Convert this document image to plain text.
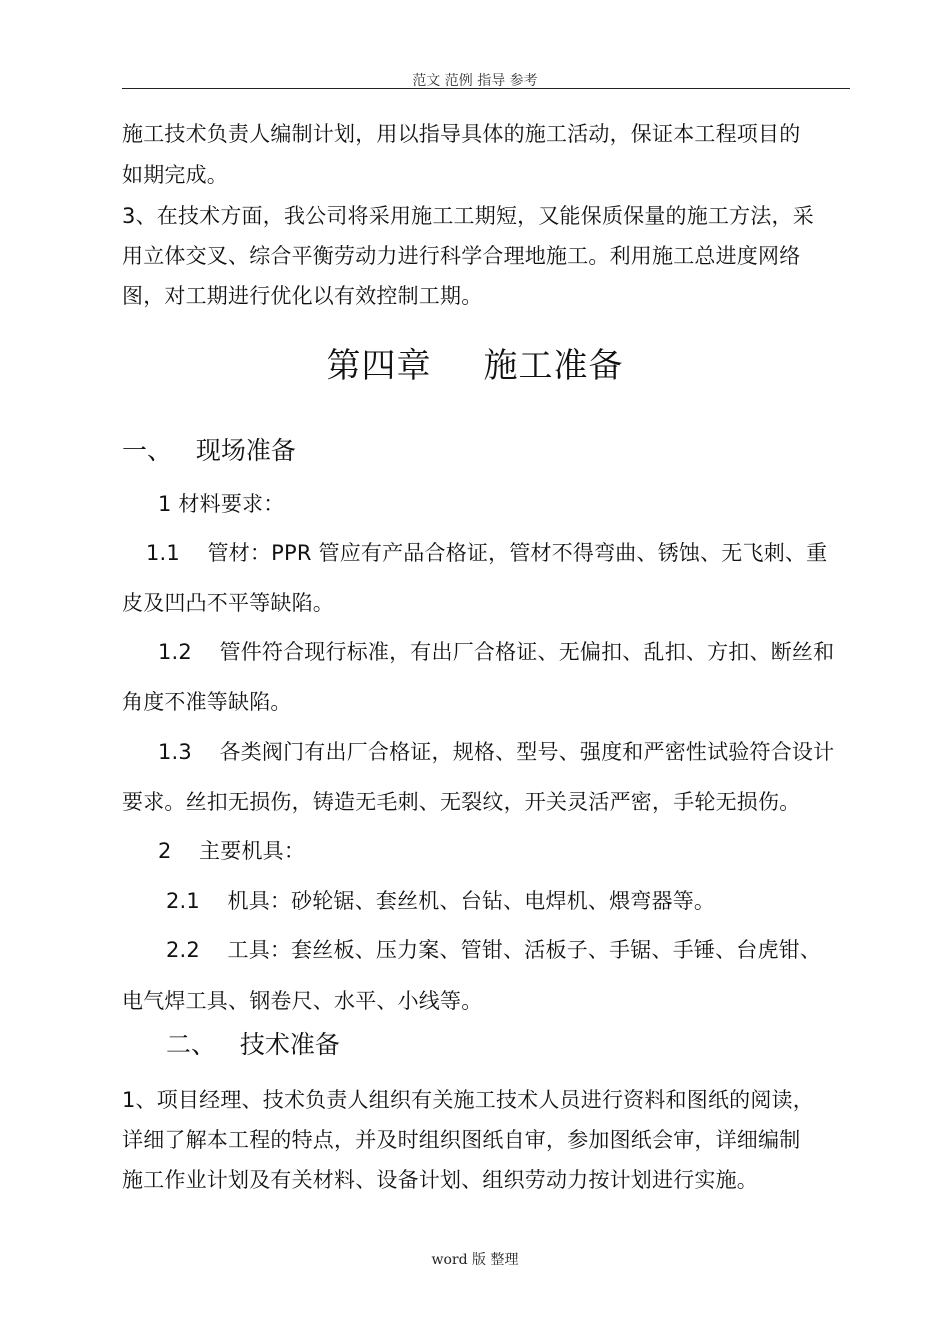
范文 范例 指导 参考
施工技术负责人编制计划，用以指导具体的施工活动，保证本工程项目的
如期完成。
3、在技术方面，我公司将采用施工工期短，又能保质保量的施工方法，采
用立体交叉、综合平衡劳动力进行科学合理地施工。利用施工总进度网络
图，对工期进行优化以有效控制工期。
第四章 施工准备
一、   现场准备
1 材料要求：
1.1    管材：PPR 管应有产品合格证，管材不得弯曲、锈蚀、无飞刺、重
皮及凹凸不平等缺陷。
1.2    管件符合现行标准，有出厂合格证、无偏扣、乱扣、方扣、断丝和
角度不准等缺陷。
1.3    各类阀门有出厂合格证，规格、型号、强度和严密性试验符合设计
要求。丝扣无损伤，铸造无毛刺、无裂纹，开关灵活严密，手轮无损伤。
2    主要机具：
2.1    机具：砂轮锯、套丝机、台钻、电焊机、煨弯器等。
2.2    工具：套丝板、压力案、管钳、活板子、手锯、手锤、台虎钳、
电气焊工具、钢卷尺、水平、小线等。
二、   技术准备
1、项目经理、技术负责人组织有关施工技术人员进行资料和图纸的阅读，
详细了解本工程的特点，并及时组织图纸自审，参加图纸会审，详细编制
施工作业计划及有关材料、设备计划、组织劳动力按计划进行实施。
word 版 整理
